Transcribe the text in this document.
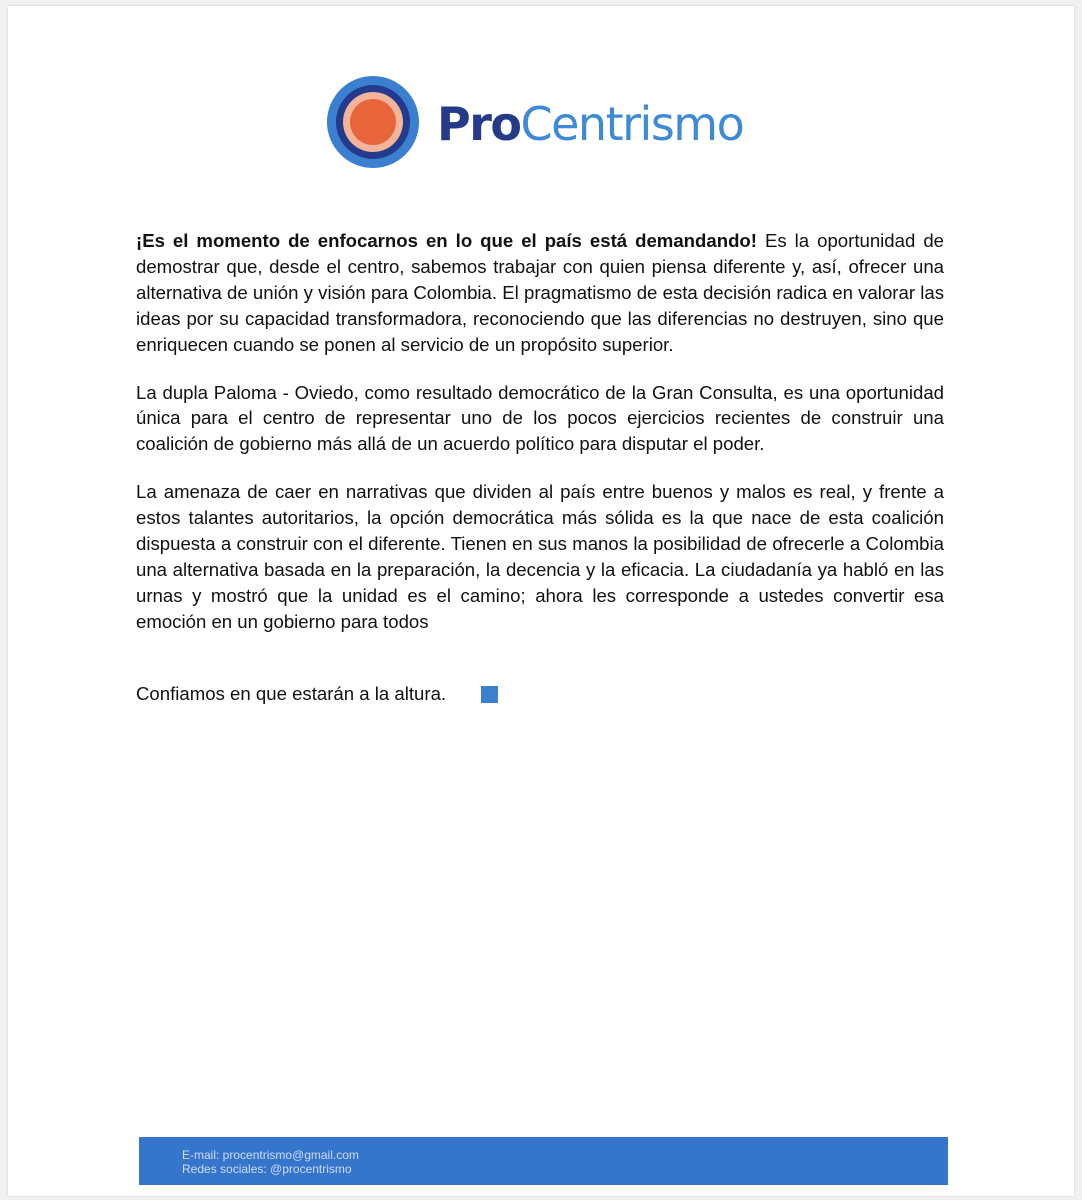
ProCentrismo

¡Es el momento de enfocarnos en lo que el país está demandando! Es la oportunidad de demostrar que, desde el centro, sabemos trabajar con quien piensa diferente y, así, ofrecer una alternativa de unión y visión para Colombia. El pragmatismo de esta decisión radica en valorar las ideas por su capacidad transformadora, reconociendo que las diferencias no destruyen, sino que enriquecen cuando se ponen al servicio de un propósito superior.

La dupla Paloma - Oviedo, como resultado democrático de la Gran Consulta, es una oportunidad única para el centro de representar uno de los pocos ejercicios recientes de construir una coalición de gobierno más allá de un acuerdo político para disputar el poder.

La amenaza de caer en narrativas que dividen al país entre buenos y malos es real, y frente a estos talantes autoritarios, la opción democrática más sólida es la que nace de esta coalición dispuesta a construir con el diferente. Tienen en sus manos la posibilidad de ofrecerle a Colombia una alternativa basada en la preparación, la decencia y la eficacia. La ciudadanía ya habló en las urnas y mostró que la unidad es el camino; ahora les corresponde a ustedes convertir esa emoción en un gobierno para todos

Confiamos en que estarán a la altura.
E-mail: procentrismo@gmail.com
Redes sociales: @procentrismo
